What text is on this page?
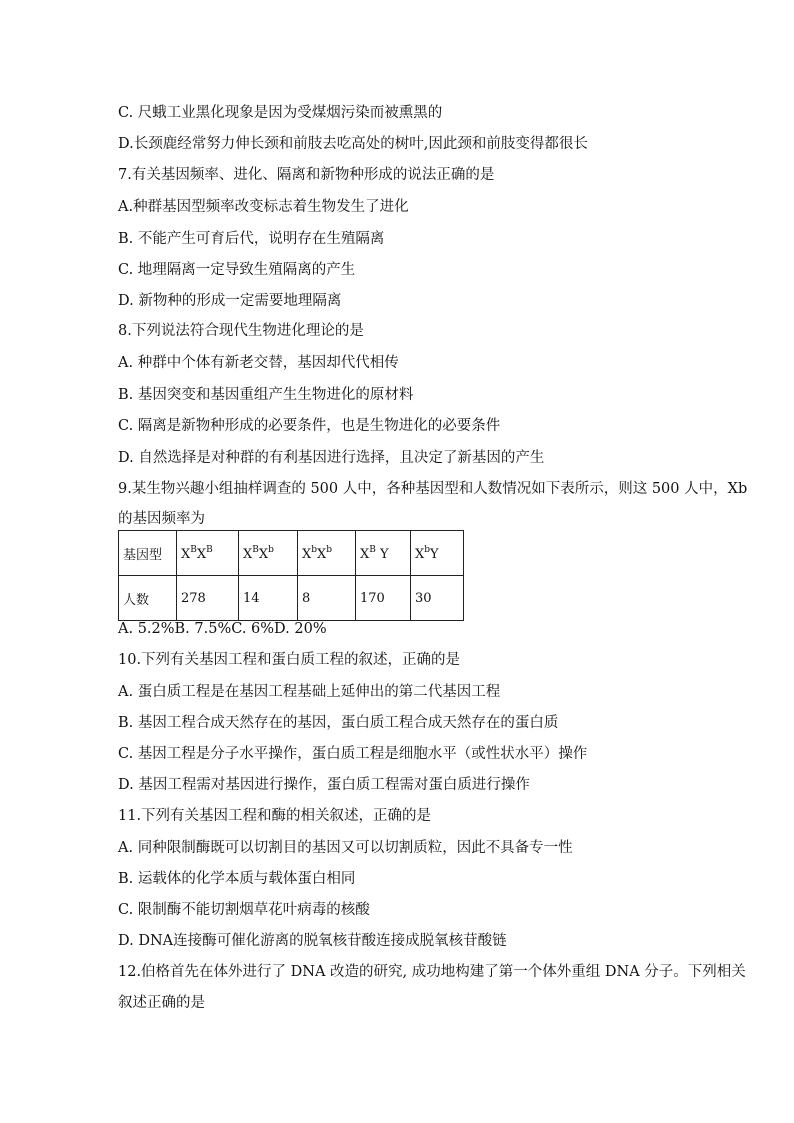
C. 尺蛾工业黑化现象是因为受煤烟污染而被熏黑的
D.长颈鹿经常努力伸长颈和前肢去吃高处的树叶,因此颈和前肢变得都很长
7.有关基因频率、进化、隔离和新物种形成的说法正确的是
A.种群基因型频率改变标志着生物发生了进化
B. 不能产生可育后代，说明存在生殖隔离
C. 地理隔离一定导致生殖隔离的产生
D. 新物种的形成一定需要地理隔离
8.下列说法符合现代生物进化理论的是
A. 种群中个体有新老交替，基因却代代相传
B. 基因突变和基因重组产生生物进化的原材料
C. 隔离是新物种形成的必要条件，也是生物进化的必要条件
D. 自然选择是对种群的有利基因进行选择，且决定了新基因的产生
9.某生物兴趣小组抽样调查的 500 人中，各种基因型和人数情况如下表所示，则这 500 人中，Xb
的基因频率为
基因型	$X^BX^B$	$X^BX^b$	$X^bX^b$	$X^B$ Y	$X^bY$
人数	278	14	8	170	30
A. 5.2%B. 7.5%C. 6%D. 20%
10.下列有关基因工程和蛋白质工程的叙述，正确的是
A. 蛋白质工程是在基因工程基础上延伸出的第二代基因工程
B. 基因工程合成天然存在的基因，蛋白质工程合成天然存在的蛋白质
C. 基因工程是分子水平操作，蛋白质工程是细胞水平（或性状水平）操作
D. 基因工程需对基因进行操作，蛋白质工程需对蛋白质进行操作
11.下列有关基因工程和酶的相关叙述，正确的是
A. 同种限制酶既可以切割目的基因又可以切割质粒，因此不具备专一性
B. 运载体的化学本质与载体蛋白相同
C. 限制酶不能切割烟草花叶病毒的核酸
D. DNA连接酶可催化游离的脱氧核苷酸连接成脱氧核苷酸链
12.伯格首先在体外进行了 DNA 改造的研究, 成功地构建了第一个体外重组 DNA 分子。下列相关
叙述正确的是
